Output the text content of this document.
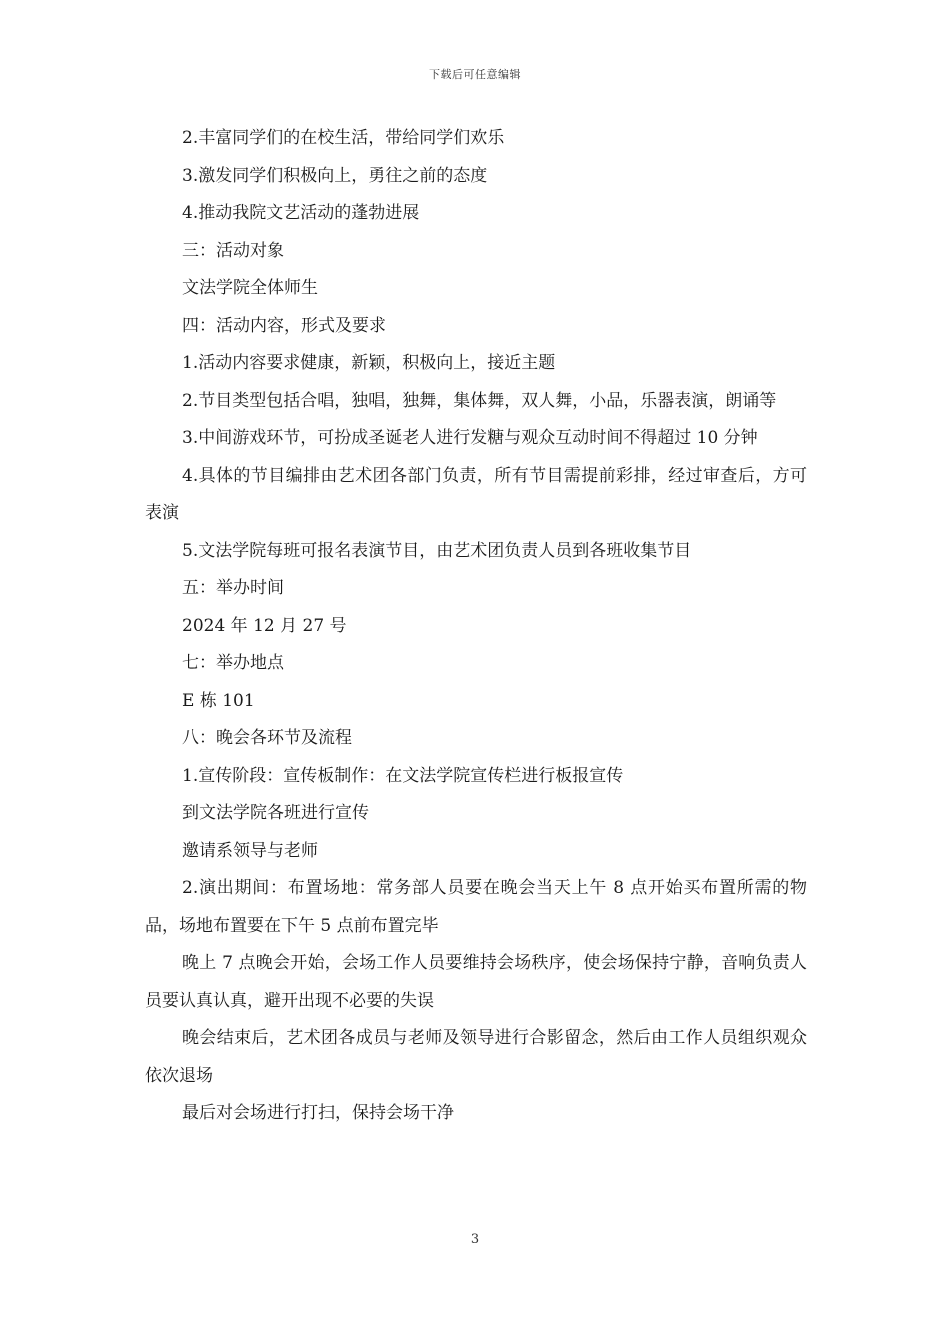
下载后可任意编辑

2.丰富同学们的在校生活，带给同学们欢乐

3.激发同学们积极向上，勇往之前的态度

4.推动我院文艺活动的蓬勃进展

三：活动对象

文法学院全体师生

四：活动内容，形式及要求

1.活动内容要求健康，新颖，积极向上，接近主题

2.节目类型包括合唱，独唱，独舞，集体舞，双人舞，小品，乐器表演，朗诵等

3.中间游戏环节，可扮成圣诞老人进行发糖与观众互动时间不得超过 10 分钟

4.具体的节目编排由艺术团各部门负责，所有节目需提前彩排，经过审查后，方可表演

5.文法学院每班可报名表演节目，由艺术团负责人员到各班收集节目

五：举办时间

2024 年 12 月 27 号

七：举办地点

E 栋 101

八：晚会各环节及流程

1.宣传阶段：宣传板制作：在文法学院宣传栏进行板报宣传

到文法学院各班进行宣传

邀请系领导与老师

2.演出期间：布置场地：常务部人员要在晚会当天上午 8 点开始买布置所需的物品，场地布置要在下午 5 点前布置完毕

晚上 7 点晚会开始，会场工作人员要维持会场秩序，使会场保持宁静，音响负责人员要认真认真，避开出现不必要的失误

晚会结束后，艺术团各成员与老师及领导进行合影留念，然后由工作人员组织观众依次退场

最后对会场进行打扫，保持会场干净

3
